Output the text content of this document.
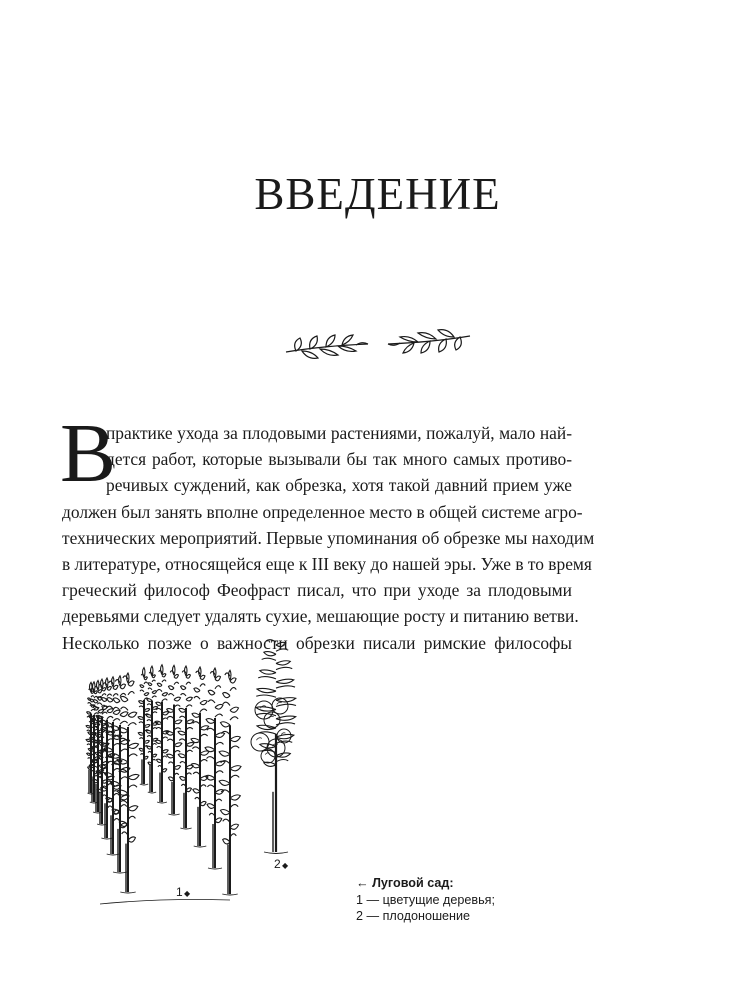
ВВЕДЕНИЕ
В
практике ухода за плодовыми растениями, пожалуй, мало най-
дется работ, которые вызывали бы так много самых противо-
речивых суждений, как обрезка, хотя такой давний прием уже
должен был занять вполне определенное место в общей системе агро-
технических мероприятий. Первые упоминания об обрезке мы находим
в литературе, относящейся еще к III веку до нашей эры. Уже в то время
греческий философ Феофраст писал, что при уходе за плодовыми
деревьями следует удалять сухие, мешающие росту и питанию ветви.
Несколько позже о важности обрезки писали римские философы
1 ◆
2 ◆
← Луговой сад:
1 — цветущие деревья;
2 — плодоношение
